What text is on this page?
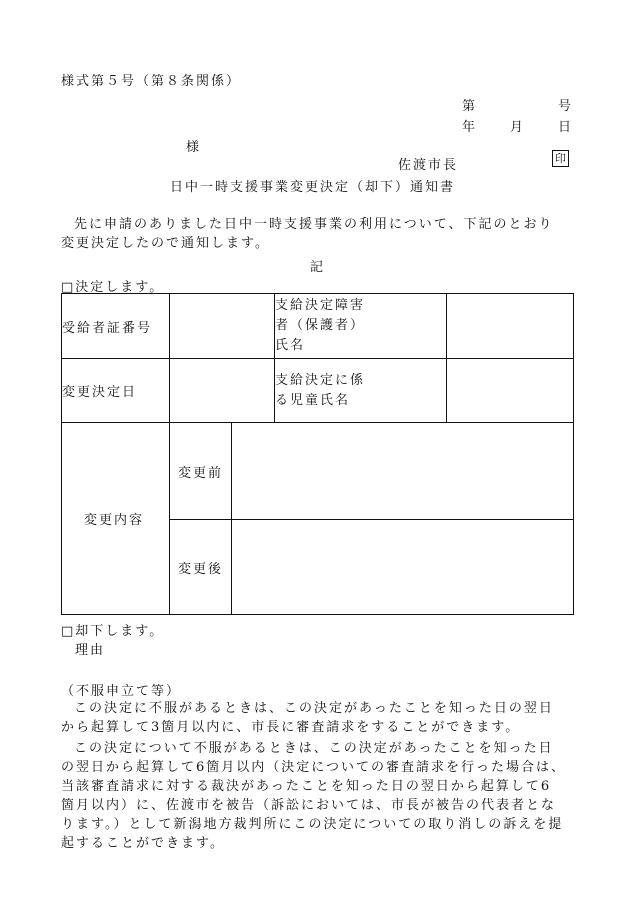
様式第５号（第８条関係）
第	号
年	月	日
様
佐渡市長	印
日中一時支援事業変更決定（却下）通知書
先に申請のありました日中一時支援事業の利用について、下記のとおり
変更決定したので通知します。
記
□決定します。
受給者証番号			支給決定障害
者（保護者）
氏名	

変更決定日			支給決定に係
る児童氏名	

変更内容	変更前			
	変更後			
□却下します。
理由
（不服申立て等）
この決定に不服があるときは、この決定があったことを知った日の翌日
から起算して3箇月以内に、市長に審査請求をすることができます。
この決定について不服があるときは、この決定があったことを知った日
の翌日から起算して6箇月以内（決定についての審査請求を行った場合は、
当該審査請求に対する裁決があったことを知った日の翌日から起算して6
箇月以内）に、佐渡市を被告（訴訟においては、市長が被告の代表者とな
ります。）として新潟地方裁判所にこの決定についての取り消しの訴えを提
起することができます。
